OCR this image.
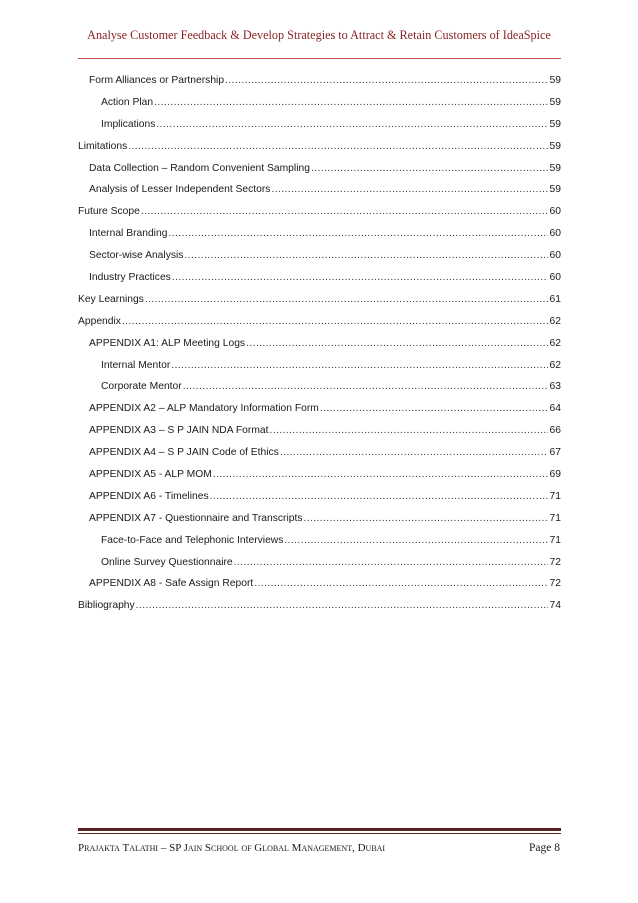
Analyse Customer Feedback & Develop Strategies to Attract & Retain Customers of IdeaSpice
Form Alliances or Partnership .....	59
Action Plan .....	59
Implications .....	59
Limitations .....	59
Data Collection – Random Convenient Sampling .....	59
Analysis of Lesser Independent Sectors .....	59
Future Scope .....	60
Internal Branding .....	60
Sector-wise Analysis .....	60
Industry Practices .....	60
Key Learnings .....	61
Appendix .....	62
APPENDIX A1: ALP Meeting Logs .....	62
Internal Mentor .....	62
Corporate Mentor .....	63
APPENDIX A2 – ALP Mandatory Information Form .....	64
APPENDIX A3 – S P JAIN NDA Format .....	66
APPENDIX A4 – S P JAIN Code of Ethics .....	67
APPENDIX A5 - ALP MOM .....	69
APPENDIX A6 - Timelines .....	71
APPENDIX A7 - Questionnaire and Transcripts .....	71
Face-to-Face and Telephonic Interviews .....	71
Online Survey Questionnaire .....	72
APPENDIX A8 - Safe Assign Report .....	72
Bibliography .....	74
Prajakta Talathi – SP Jain School of Global Management, Dubai	Page 8
